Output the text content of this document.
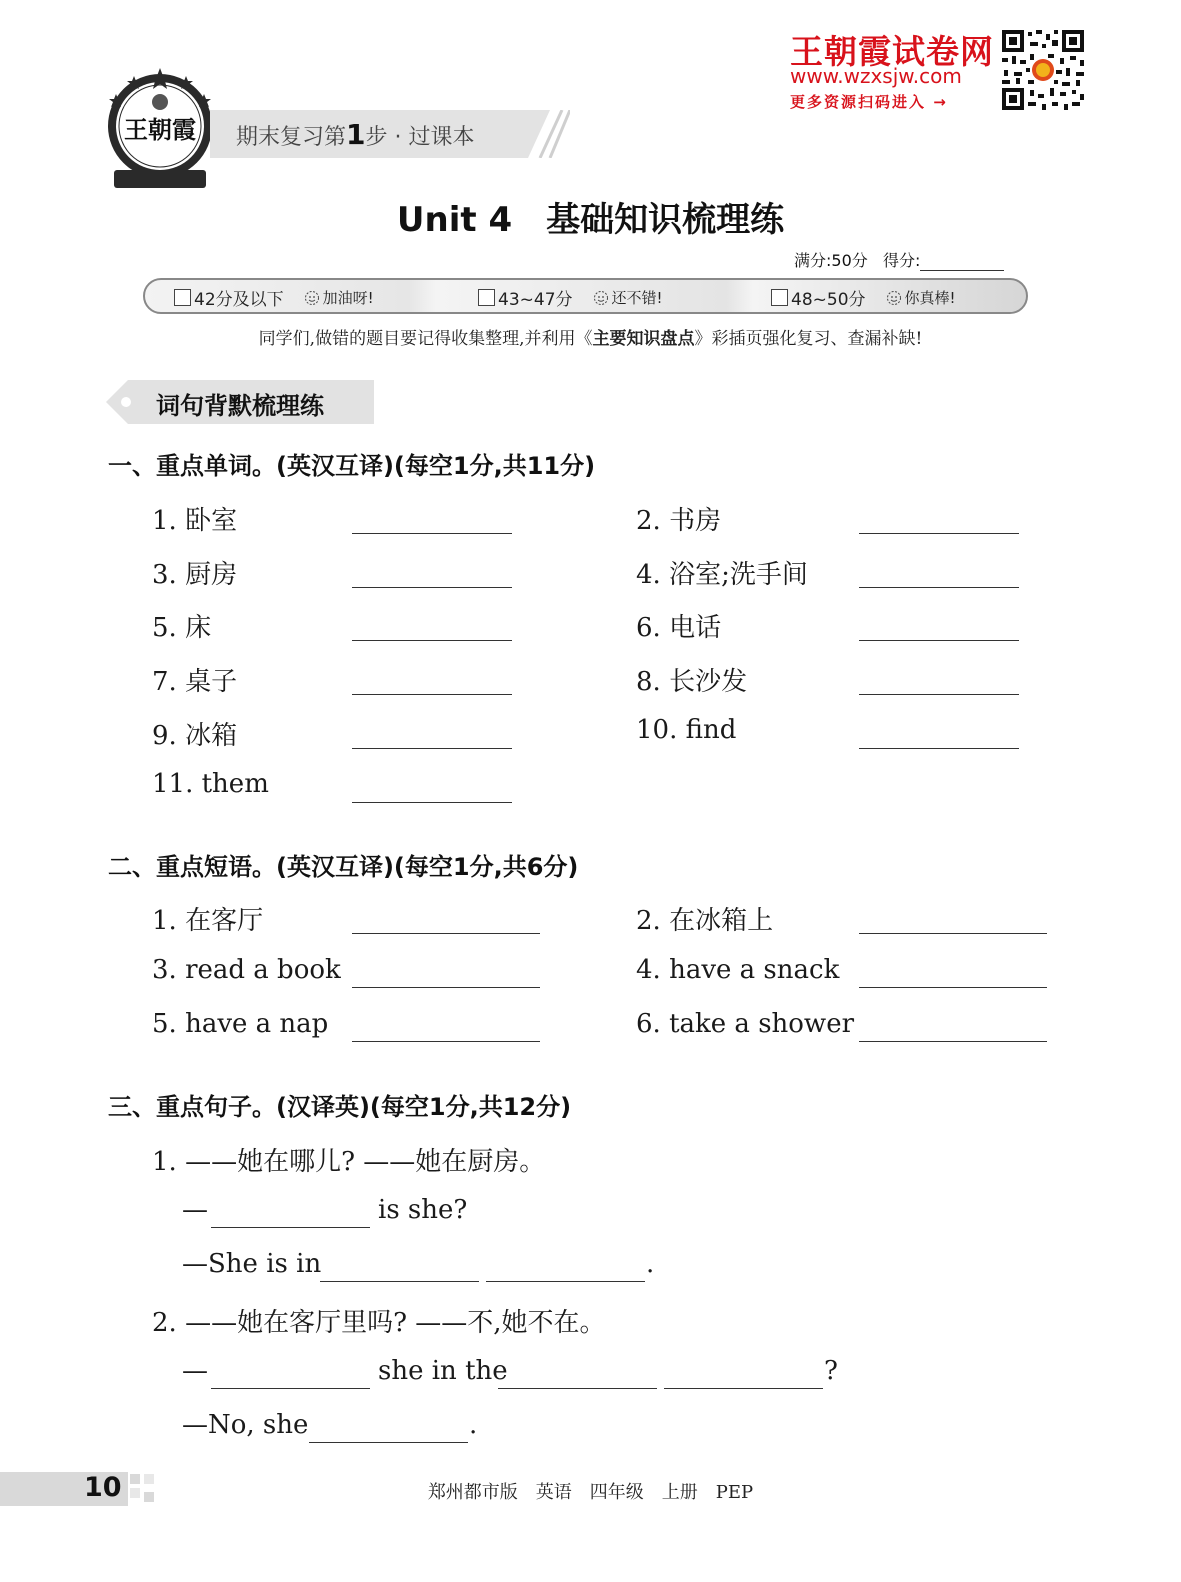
王朝霞 期末复习第1步 · 过课本
王朝霞试卷网
www.wzxsjw.com
更多资源扫码进入 →
Unit 4　基础知识梳理练
满分:50分 得分:
42分及以下	加油呀!	43~47分	还不错!	48~50分	你真棒!
同学们,做错的题目要记得收集整理,并利用《主要知识盘点》彩插页强化复习、查漏补缺!
词句背默梳理练
一、重点单词。(英汉互译)(每空1分,共11分)
1. 卧室	2. 书房
3. 厨房	4. 浴室;洗手间
5. 床	6. 电话
7. 桌子	8. 长沙发
9. 冰箱	10. find
11. them
二、重点短语。(英汉互译)(每空1分,共6分)
1. 在客厅	2. 在冰箱上
3. read a book	4. have a snack
5. have a nap	6. take a shower
三、重点句子。(汉译英)(每空1分,共12分)
1. ——她在哪儿? ——她在厨房。
—	is she?
—She is in	.
2. ——她在客厅里吗? ——不,她不在。
—	she in the	?
—No, she	.
10	郑州都市版　英语　四年级　上册　PEP
